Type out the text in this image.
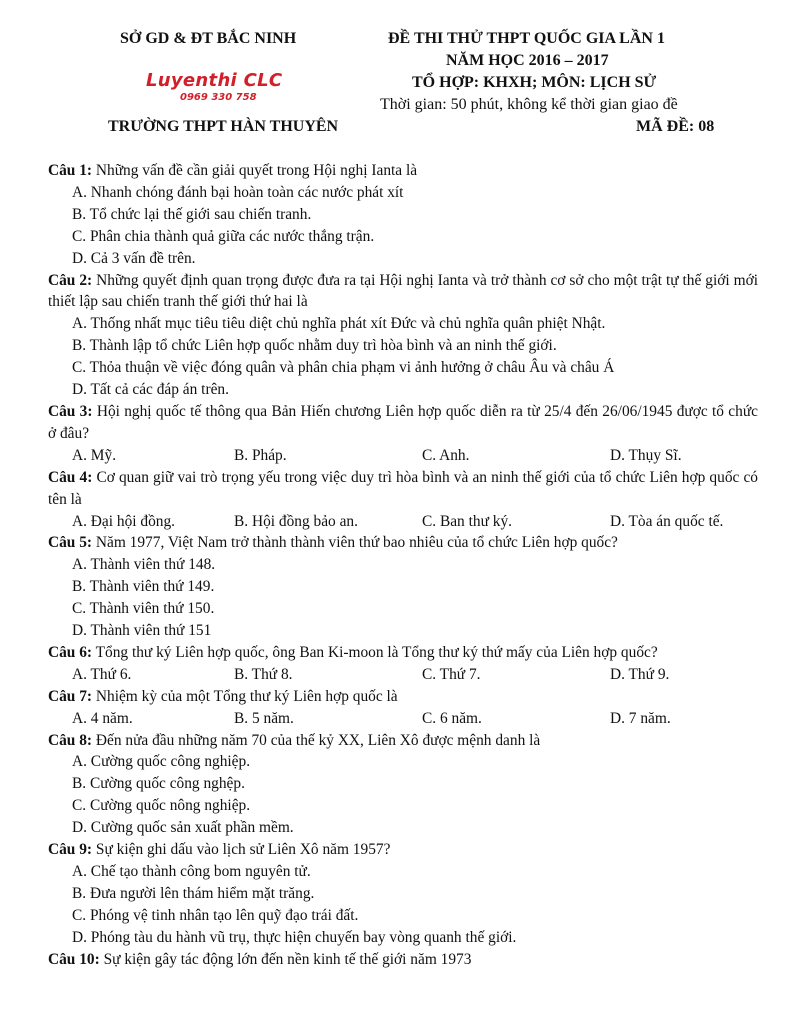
SỞ GD & ĐT BẮC NINH	ĐỀ THI THỬ THPT QUỐC GIA LẦN 1
NĂM HỌC 2016 – 2017
TỔ HỢP: KHXH; MÔN: LỊCH SỬ
Thời gian: 50 phút, không kể thời gian giao đề
Luyenthi CLC
0969 330 758
TRƯỜNG THPT HÀN THUYÊN	MÃ ĐỀ: 08
Câu 1: Những vấn đề cần giải quyết trong Hội nghị Ianta là
A. Nhanh chóng đánh bại hoàn toàn các nước phát xít
B. Tổ chức lại thế giới sau chiến tranh.
C. Phân chia thành quả giữa các nước thắng trận.
D. Cả 3 vấn đề trên.
Câu 2: Những quyết định quan trọng được đưa ra tại Hội nghị Ianta và trở thành cơ sở cho một trật tự thế giới mới thiết lập sau chiến tranh thế giới thứ hai là
A. Thống nhất mục tiêu tiêu diệt chủ nghĩa phát xít Đức và chủ nghĩa quân phiệt Nhật.
B. Thành lập tổ chức Liên hợp quốc nhằm duy trì hòa bình và an ninh thế giới.
C. Thỏa thuận về việc đóng quân và phân chia phạm vi ảnh hưởng ở châu Âu và châu Á
D. Tất cả các đáp án trên.
Câu 3: Hội nghị quốc tế thông qua Bản Hiến chương Liên hợp quốc diễn ra từ 25/4 đến 26/06/1945 được tổ chức ở đâu?
A. Mỹ.	B. Pháp.	C. Anh.	D. Thụy Sĩ.
Câu 4: Cơ quan giữ vai trò trọng yếu trong việc duy trì hòa bình và an ninh thế giới của tổ chức Liên hợp quốc có tên là
A. Đại hội đồng.	B. Hội đồng bảo an.	C. Ban thư ký.	D. Tòa án quốc tế.
Câu 5: Năm 1977, Việt Nam trở thành thành viên thứ bao nhiêu của tổ chức Liên hợp quốc?
A. Thành viên thứ 148.
B. Thành viên thứ 149.
C. Thành viên thứ 150.
D. Thành viên thứ 151
Câu 6: Tổng thư ký Liên hợp quốc, ông Ban Ki-moon là Tổng thư ký thứ mấy của Liên hợp quốc?
A. Thứ 6.	B. Thứ 8.	C. Thứ 7.	D. Thứ 9.
Câu 7: Nhiệm kỳ của một Tổng thư ký Liên hợp quốc là
A. 4 năm.	B. 5 năm.	C. 6 năm.	D. 7 năm.
Câu 8: Đến nửa đầu những năm 70 của thế kỷ XX, Liên Xô được mệnh danh là
A. Cường quốc công nghiệp.
B. Cường quốc công nghệp.
C. Cường quốc nông nghiệp.
D. Cường quốc sản xuất phần mềm.
Câu 9: Sự kiện ghi dấu vào lịch sử Liên Xô năm 1957?
A. Chế tạo thành công bom nguyên tử.
B. Đưa người lên thám hiểm mặt trăng.
C. Phóng vệ tinh nhân tạo lên quỹ đạo trái đất.
D. Phóng tàu du hành vũ trụ, thực hiện chuyến bay vòng quanh thế giới.
Câu 10: Sự kiện gây tác động lớn đến nền kinh tế thế giới năm 1973
